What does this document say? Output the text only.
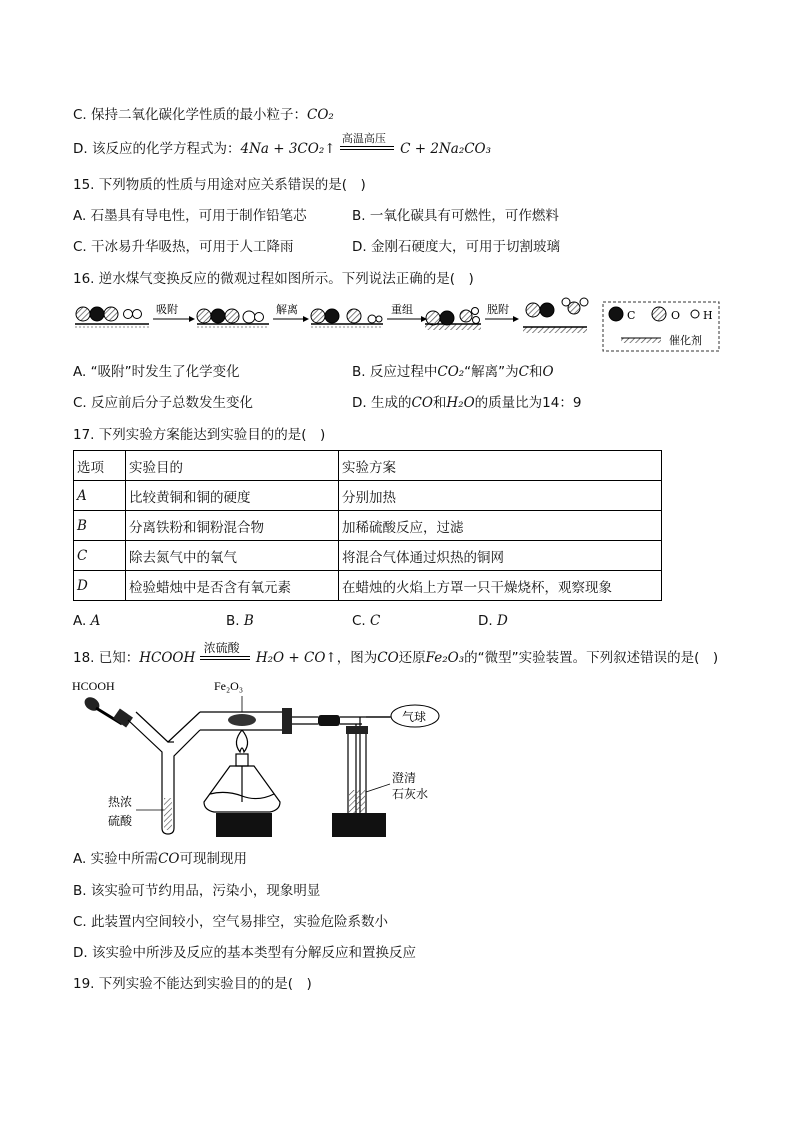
C. 保持二氧化碳化学性质的最小粒子：CO₂
D. 该反应的化学方程式为：4Na + 3CO₂↑
高温高压
C + 2Na₂CO₃
15. 下列物质的性质与用途对应关系错误的是(　)
A. 石墨具有导电性，可用于制作铅笔芯	B. 一氧化碳具有可燃性，可作燃料
C. 干冰易升华吸热，可用于人工降雨	D. 金刚石硬度大，可用于切割玻璃
16. 逆水煤气变换反应的微观过程如图所示。下列说法正确的是(　)
吸附	解离	重组	脱附	C	O H
催化剂
A. “吸附”时发生了化学变化	B. 反应过程中CO₂“解离”为C和O
C. 反应前后分子总数发生变化	D. 生成的CO和H₂O的质量比为14：9
17. 下列实验方案能达到实验目的的是(　)
选项	实验目的	实验方案
A	比较黄铜和铜的硬度	分别加热
B	分离铁粉和铜粉混合物	加稀硫酸反应，过滤
C	除去氮气中的氧气	将混合气体通过炽热的铜网
D	检验蜡烛中是否含有氧元素	在蜡烛的火焰上方罩一只干燥烧杯，观察现象
A. A	B. B	C. C	D. D
18. 已知：HCOOH
浓硫酸
H₂O + CO↑，图为CO还原Fe₂O₃的“微型”实验装置。下列叙述错误的是(　)
HCOOH
热浓
硫酸
Fe₂O₃
气球
澄清
石灰水
A. 实验中所需CO可现制现用
B. 该实验可节约用品，污染小，现象明显
C. 此装置内空间较小，空气易排空，实验危险系数小
D. 该实验中所涉及反应的基本类型有分解反应和置换反应
19. 下列实验不能达到实验目的的是(　)
